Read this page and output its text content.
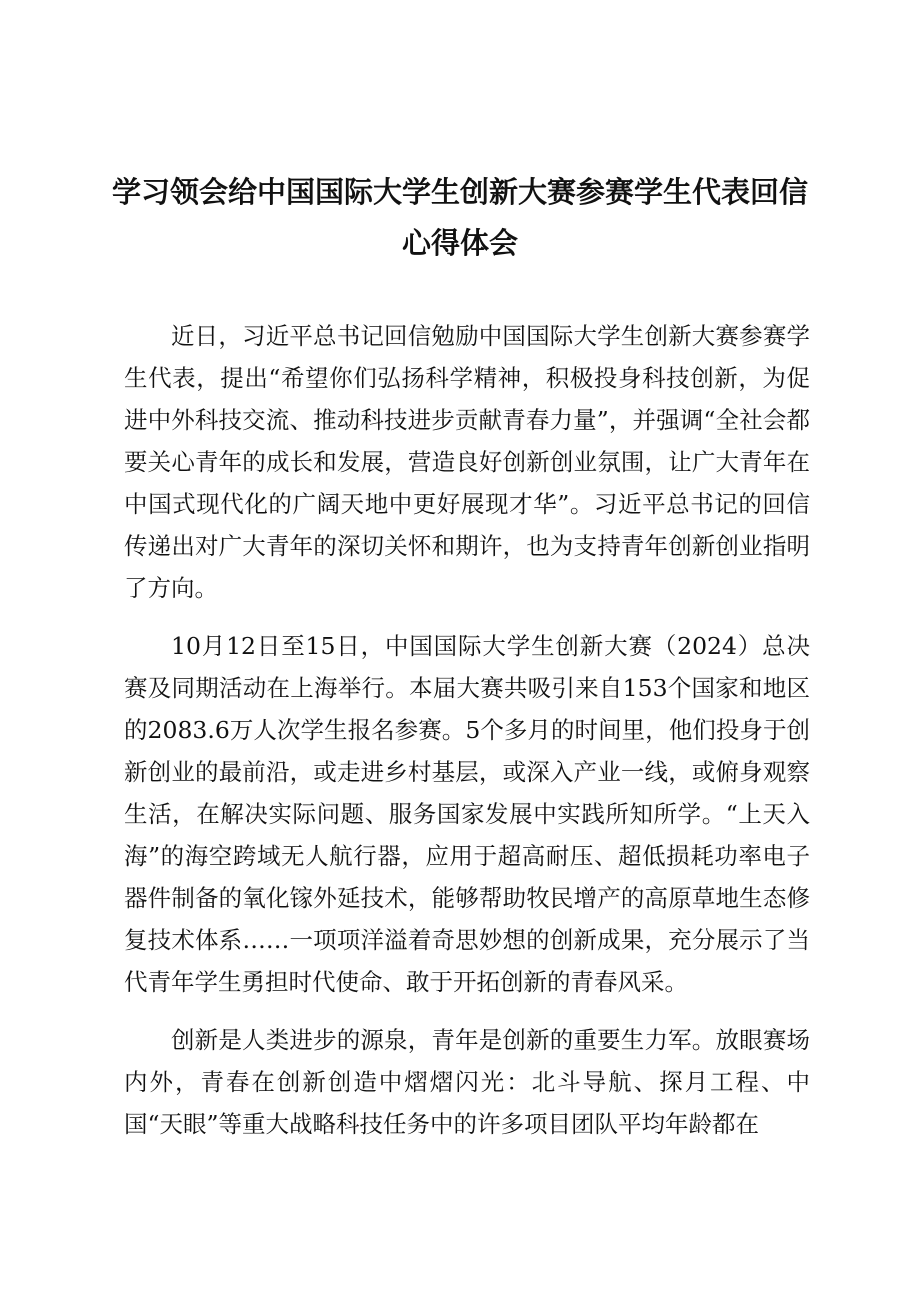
学习领会给中国国际大学生创新大赛参赛学生代表回信
心得体会

近日，习近平总书记回信勉励中国国际大学生创新大赛参赛学生代表，提出“希望你们弘扬科学精神，积极投身科技创新，为促进中外科技交流、推动科技进步贡献青春力量”，并强调“全社会都要关心青年的成长和发展，营造良好创新创业氛围，让广大青年在中国式现代化的广阔天地中更好展现才华”。习近平总书记的回信传递出对广大青年的深切关怀和期许，也为支持青年创新创业指明了方向。

10月12日至15日，中国国际大学生创新大赛（2024）总决赛及同期活动在上海举行。本届大赛共吸引来自153个国家和地区的2083.6万人次学生报名参赛。5个多月的时间里，他们投身于创新创业的最前沿，或走进乡村基层，或深入产业一线，或俯身观察生活，在解决实际问题、服务国家发展中实践所知所学。“上天入海”的海空跨域无人航行器，应用于超高耐压、超低损耗功率电子器件制备的氧化镓外延技术，能够帮助牧民增产的高原草地生态修复技术体系……一项项洋溢着奇思妙想的创新成果，充分展示了当代青年学生勇担时代使命、敢于开拓创新的青春风采。

创新是人类进步的源泉，青年是创新的重要生力军。放眼赛场内外，青春在创新创造中熠熠闪光：北斗导航、探月工程、中国“天眼”等重大战略科技任务中的许多项目团队平均年龄都在
